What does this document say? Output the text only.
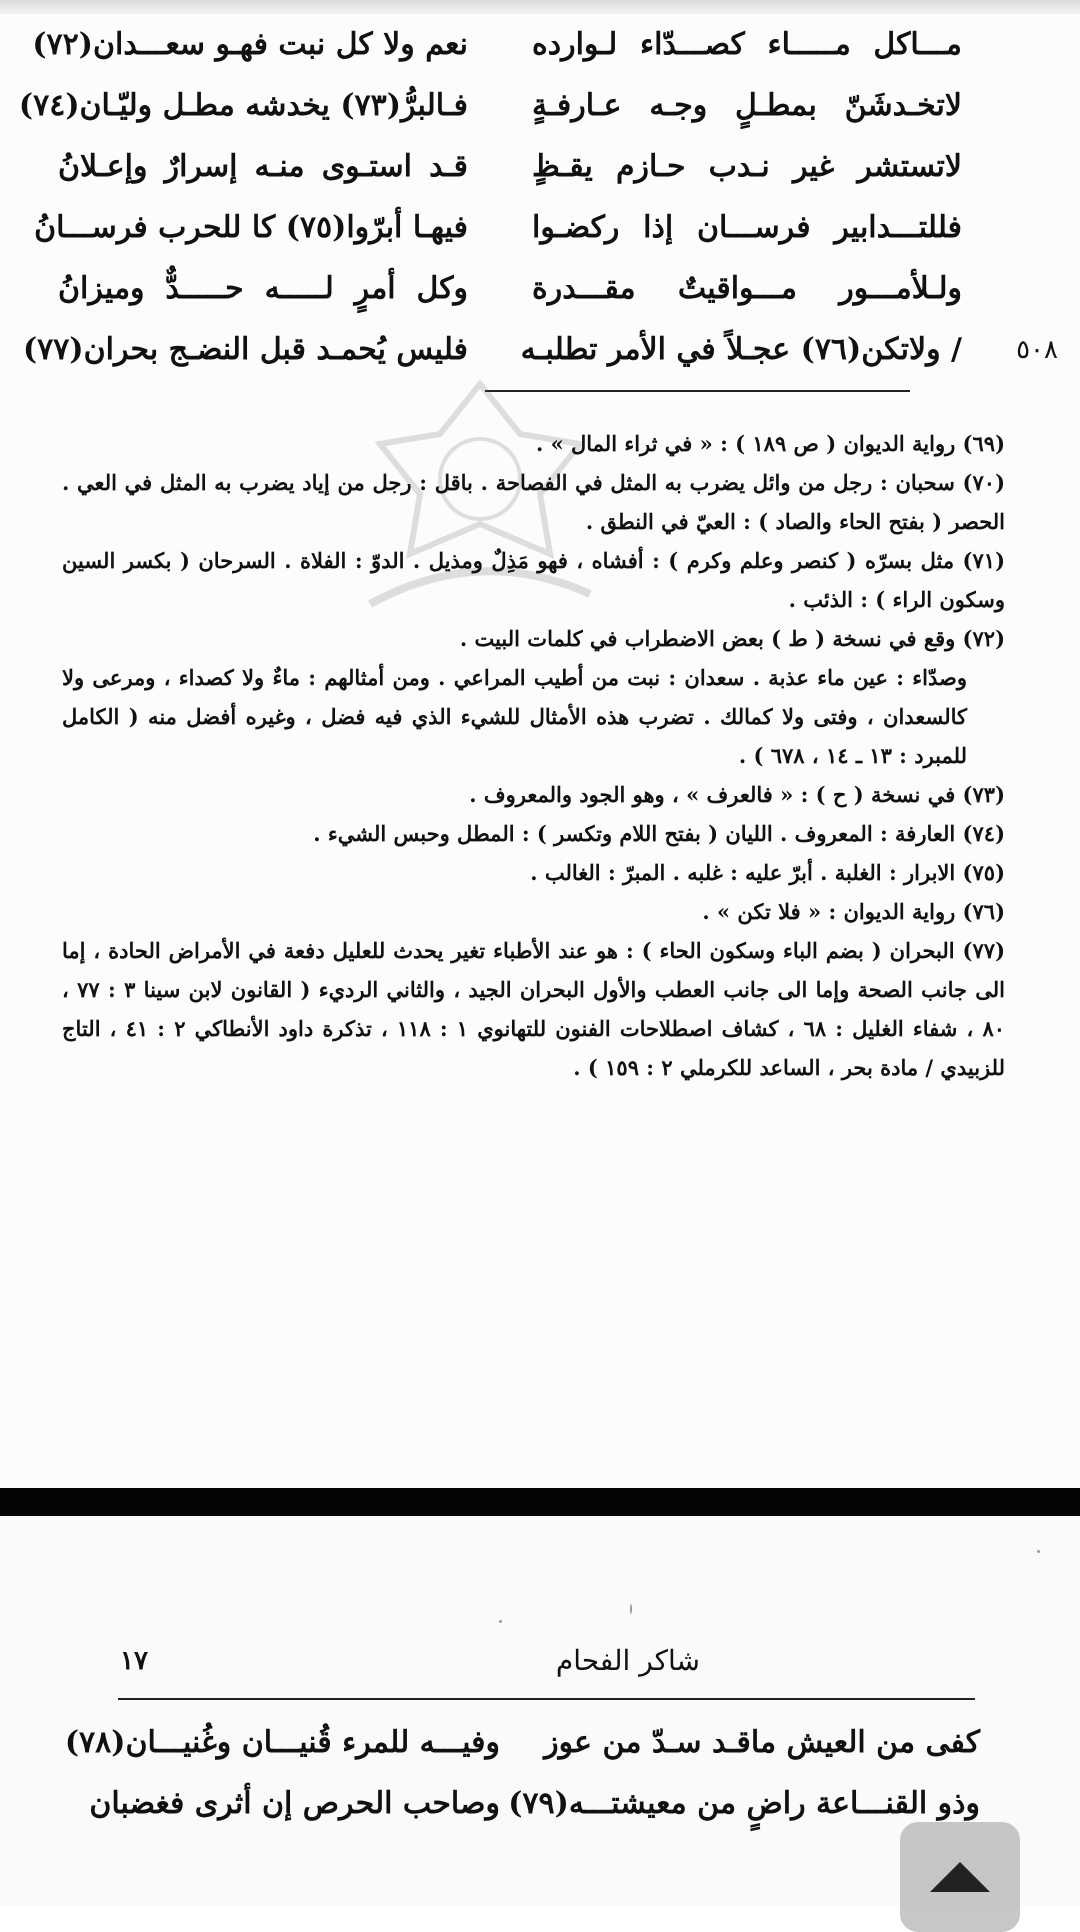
مـــاكل مـــــاء كصـــدّاء لـوارده
نعم ولا كل نبت فهـو سعـــدان(٧٢)
لاتخـدشَنّ بمطـلٍ وجـه عـارفـةٍ
فـالبرُّ(٧٣) يخدشه مطـل وليّـان(٧٤)
لاتستشر غير نـدب حـازم يقـظٍ
قـد استـوى منـه إسرارٌ وإعـلانُ
فللتـــدابير فرســـان إذا ركضـوا
فيهـا أبرّوا(٧٥) كا للحرب فرســـانُ
ولـلأمـــور مـــواقيتٌ مقـــدرة
وكل أمرٍ لـــــه حـــــدٌّ وميزانُ
٥٠٨
/ ولاتكن(٧٦) عجـلاً في الأمر تطلبـه
فليس يُحمـد قبل النضـج بحران(٧٧)

(٦٩) رواية الديوان ( ص ١٨٩ ) : « في ثراء المال » .

(٧٠) سحبان : رجل من وائل يضرب به المثل في الفصاحة . باقل : رجل من إياد يضرب به المثل في العي . الحصر ( بفتح الحاء والصاد ) : العيّ في النطق .

(٧١) مثل بسرّه ( كنصر وعلم وكرم ) : أفشاه ، فهو مَذِلٌ ومذيل . الدوّ : الفلاة . السرحان ( بكسر السين وسكون الراء ) : الذئب .

(٧٢) وقع في نسخة ( ط ) بعض الاضطراب في كلمات البيت .

وصدّاء : عين ماء عذبة . سعدان : نبت من أطيب المراعي . ومن أمثالهم : ماءٌ ولا كصداء ، ومرعى ولا كالسعدان ، وفتى ولا كمالك . تضرب هذه الأمثال للشيء الذي فيه فضل ، وغيره أفضل منه ( الكامل للمبرد : ١٣ ـ ١٤ ، ٦٧٨ ) .

(٧٣) في نسخة ( ح ) : « فالعرف » ، وهو الجود والمعروف .

(٧٤) العارفة : المعروف . الليان ( بفتح اللام وتكسر ) : المطل وحبس الشيء .

(٧٥) الابرار : الغلبة . أبرّ عليه : غلبه . المبرّ : الغالب .

(٧٦) رواية الديوان : « فلا تكن » .

(٧٧) البحران ( بضم الباء وسكون الحاء ) : هو عند الأطباء تغير يحدث للعليل دفعة في الأمراض الحادة ، إما الى جانب الصحة وإما الى جانب العطب والأول البحران الجيد ، والثاني الرديء ( القانون لابن سينا ٣ : ٧٧ ، ٨٠ ، شفاء الغليل : ٦٨ ، كشاف اصطلاحات الفنون للتهانوي ١ : ١١٨ ، تذكرة داود الأنطاكي ٢ : ٤١ ، التاج للزبيدي / مادة بحر ، الساعد للكرملي ٢ : ١٥٩ ) .

شاكر الفحام
١٧
كفى من العيش ماقـد سـدّ من عوز
وفيـــه للمرء قُنيـــان وغُنيـــان(٧٨)
وذو القنـــاعة راضٍ من معيشتـــه(٧٩)
وصاحب الحرص إن أثرى فغضبان
